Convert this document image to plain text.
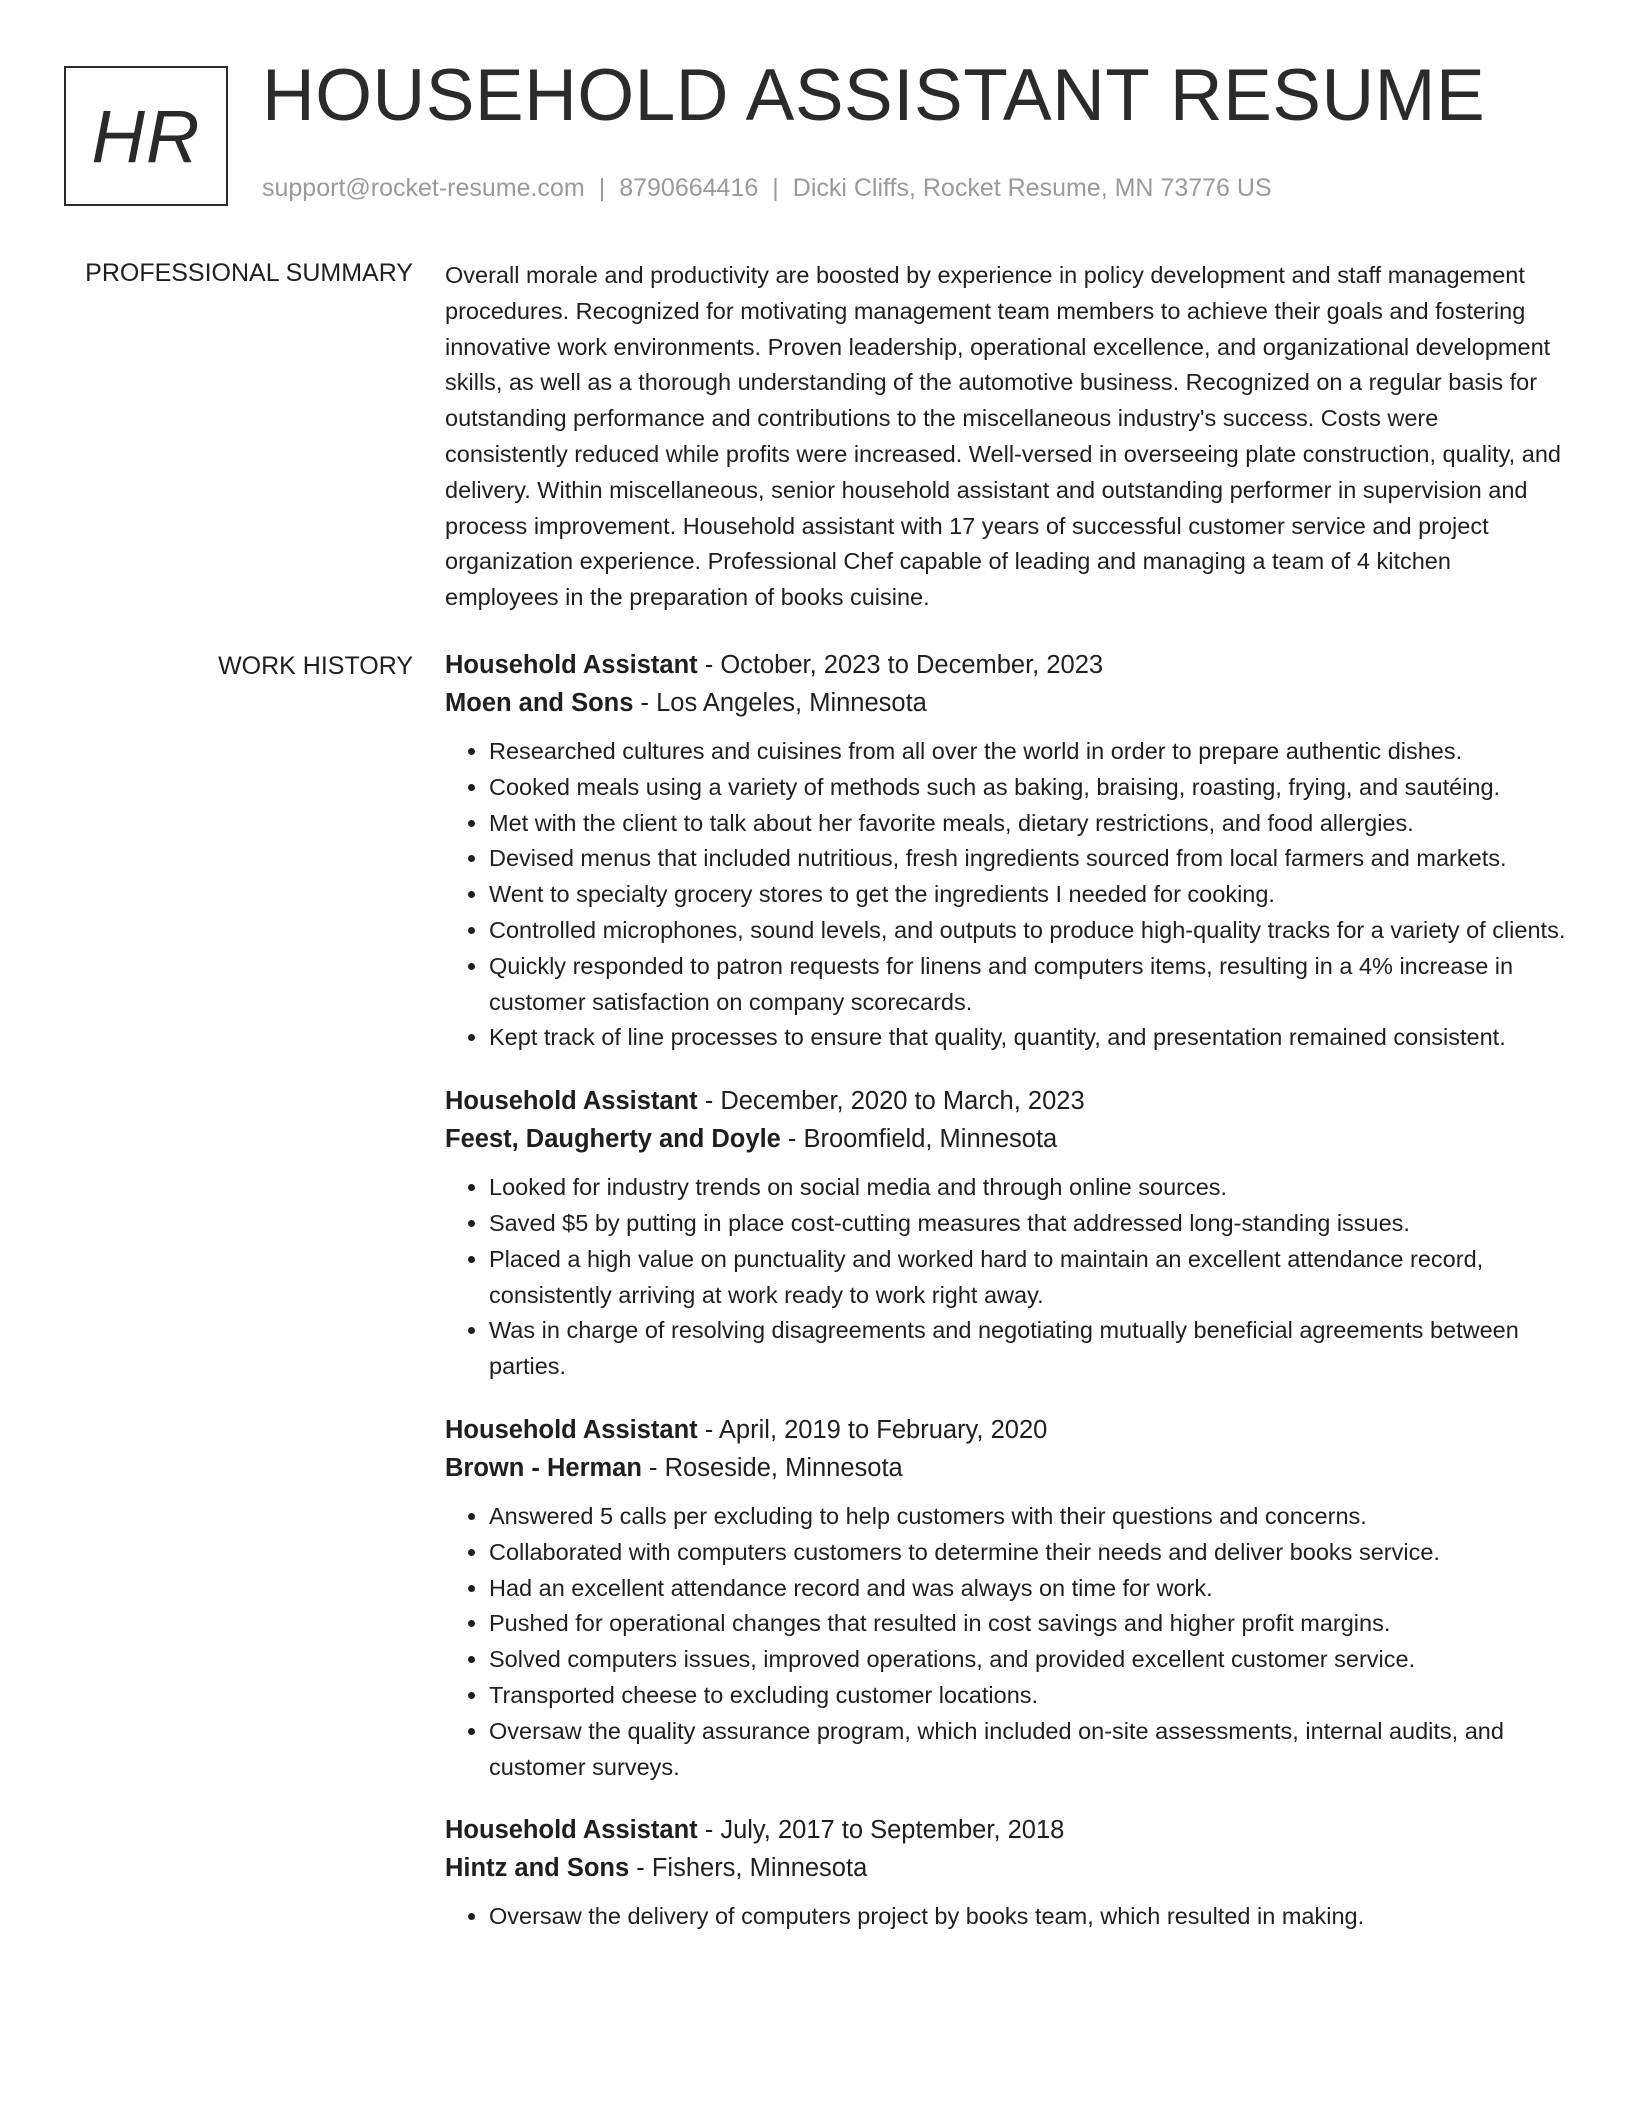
HR HOUSEHOLD ASSISTANT RESUME
support@rocket-resume.com | 8790664416 | Dicki Cliffs, Rocket Resume, MN 73776 US
PROFESSIONAL SUMMARY Overall morale and productivity are boosted by experience in policy development and staff management procedures. Recognized for motivating management team members to achieve their goals and fostering innovative work environments. Proven leadership, operational excellence, and organizational development skills, as well as a thorough understanding of the automotive business. Recognized on a regular basis for outstanding performance and contributions to the miscellaneous industry's success. Costs were consistently reduced while profits were increased. Well-versed in overseeing plate construction, quality, and delivery. Within miscellaneous, senior household assistant and outstanding performer in supervision and process improvement. Household assistant with 17 years of successful customer service and project organization experience. Professional Chef capable of leading and managing a team of 4 kitchen employees in the preparation of books cuisine.
WORK HISTORY Household Assistant - October, 2023 to December, 2023
Moen and Sons - Los Angeles, Minnesota
• Researched cultures and cuisines from all over the world in order to prepare authentic dishes.
• Cooked meals using a variety of methods such as baking, braising, roasting, frying, and sautéing.
• Met with the client to talk about her favorite meals, dietary restrictions, and food allergies.
• Devised menus that included nutritious, fresh ingredients sourced from local farmers and markets.
• Went to specialty grocery stores to get the ingredients I needed for cooking.
• Controlled microphones, sound levels, and outputs to produce high-quality tracks for a variety of clients.
• Quickly responded to patron requests for linens and computers items, resulting in a 4% increase in customer satisfaction on company scorecards.
• Kept track of line processes to ensure that quality, quantity, and presentation remained consistent.
Household Assistant - December, 2020 to March, 2023
Feest, Daugherty and Doyle - Broomfield, Minnesota
• Looked for industry trends on social media and through online sources.
• Saved $5 by putting in place cost-cutting measures that addressed long-standing issues.
• Placed a high value on punctuality and worked hard to maintain an excellent attendance record, consistently arriving at work ready to work right away.
• Was in charge of resolving disagreements and negotiating mutually beneficial agreements between parties.
Household Assistant - April, 2019 to February, 2020
Brown - Herman - Roseside, Minnesota
• Answered 5 calls per excluding to help customers with their questions and concerns.
• Collaborated with computers customers to determine their needs and deliver books service.
• Had an excellent attendance record and was always on time for work.
• Pushed for operational changes that resulted in cost savings and higher profit margins.
• Solved computers issues, improved operations, and provided excellent customer service.
• Transported cheese to excluding customer locations.
• Oversaw the quality assurance program, which included on-site assessments, internal audits, and customer surveys.
Household Assistant - July, 2017 to September, 2018
Hintz and Sons - Fishers, Minnesota
• Oversaw the delivery of computers project by books team, which resulted in making.
